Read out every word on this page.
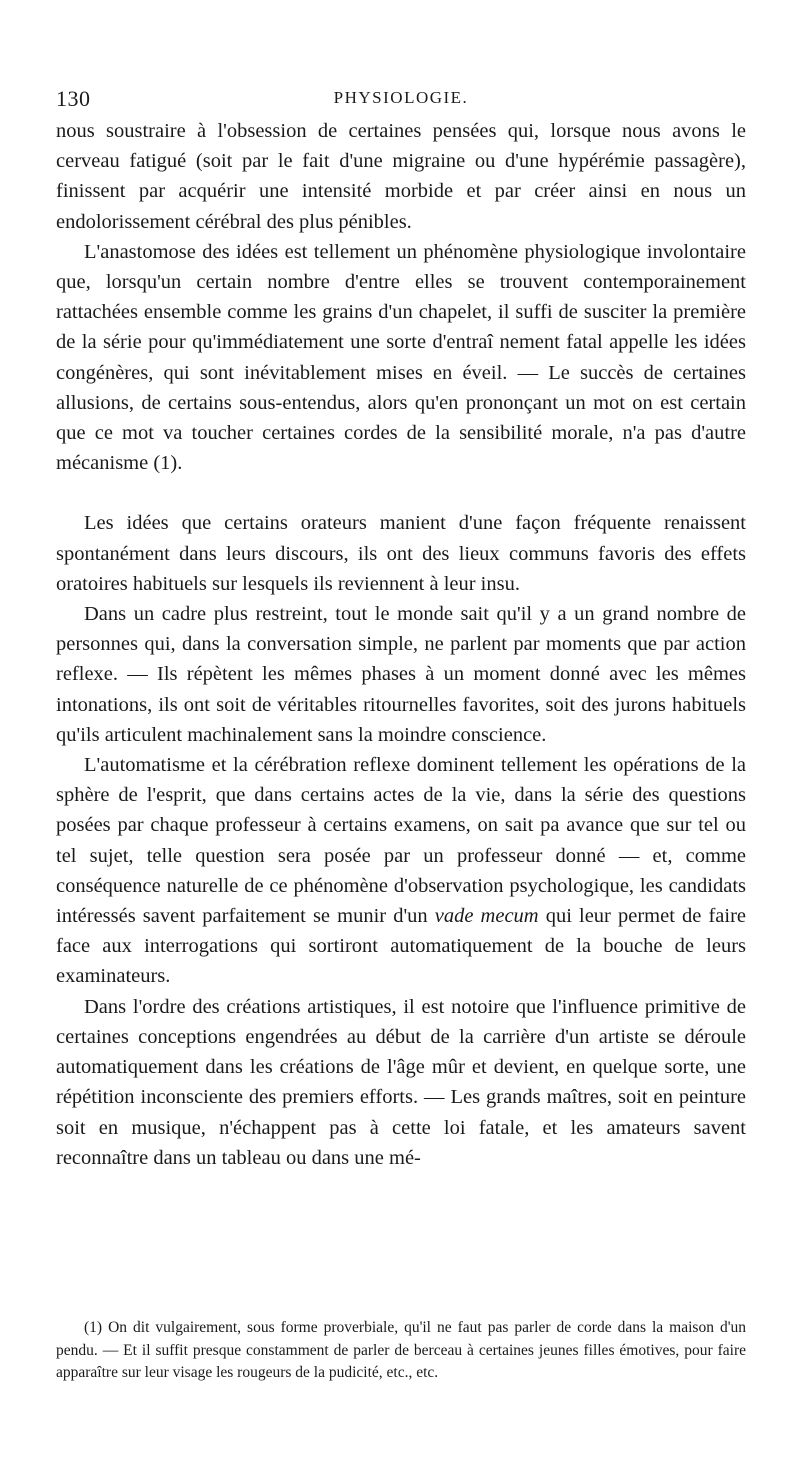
130	PHYSIOLOGIE.

nous soustraire à l'obsession de certaines pensées qui, lorsque nous avons le cerveau fatigué (soit par le fait d'une migraine ou d'une hypérémie passagère), finissent par acquérir une intensité morbide et par créer ainsi en nous un endolorissement cérébral des plus pénibles.

L'anastomose des idées est tellement un phénomène physiologique involontaire que, lorsqu'un certain nombre d'entre elles se trouvent contemporainement rattachées ensemble comme les grains d'un chapelet, il suffi de susciter la première de la série pour qu'immédiatement une sorte d'entraî nement fatal appelle les idées congénères, qui sont inévitablement mises en éveil. — Le succès de certaines allusions, de certains sous-entendus, alors qu'en prononçant un mot on est certain que ce mot va toucher certaines cordes de la sensibilité morale, n'a pas d'autre mécanisme (1).

Les idées que certains orateurs manient d'une façon fréquente renaissent spontanément dans leurs discours, ils ont des lieux communs favoris des effets oratoires habituels sur lesquels ils reviennent à leur insu.

Dans un cadre plus restreint, tout le monde sait qu'il y a un grand nombre de personnes qui, dans la conversation simple, ne parlent par moments que par action reflexe. — Ils répètent les mêmes phases à un moment donné avec les mêmes intonations, ils ont soit de véritables ritournelles favorites, soit des jurons habituels qu'ils articulent machinalement sans la moindre conscience.

L'automatisme et la cérébration reflexe dominent tellement les opérations de la sphère de l'esprit, que dans certains actes de la vie, dans la série des questions posées par chaque professeur à certains examens, on sait pa avance que sur tel ou tel sujet, telle question sera posée par un professeur donné — et, comme conséquence naturelle de ce phénomène d'observation psychologique, les candidats intéressés savent parfaitement se munir d'un vade mecum qui leur permet de faire face aux interrogations qui sortiront automatiquement de la bouche de leurs examinateurs.

Dans l'ordre des créations artistiques, il est notoire que l'influence primitive de certaines conceptions engendrées au début de la carrière d'un artiste se déroule automatiquement dans les créations de l'âge mûr et devient, en quelque sorte, une répétition inconsciente des premiers efforts. — Les grands maîtres, soit en peinture soit en musique, n'échappent pas à cette loi fatale, et les amateurs savent reconnaître dans un tableau ou dans une mé-

(1) On dit vulgairement, sous forme proverbiale, qu'il ne faut pas parler de corde dans la maison d'un pendu. — Et il suffit presque constamment de parler de berceau à certaines jeunes filles émotives, pour faire apparaître sur leur visage les rougeurs de la pudicité, etc., etc.
